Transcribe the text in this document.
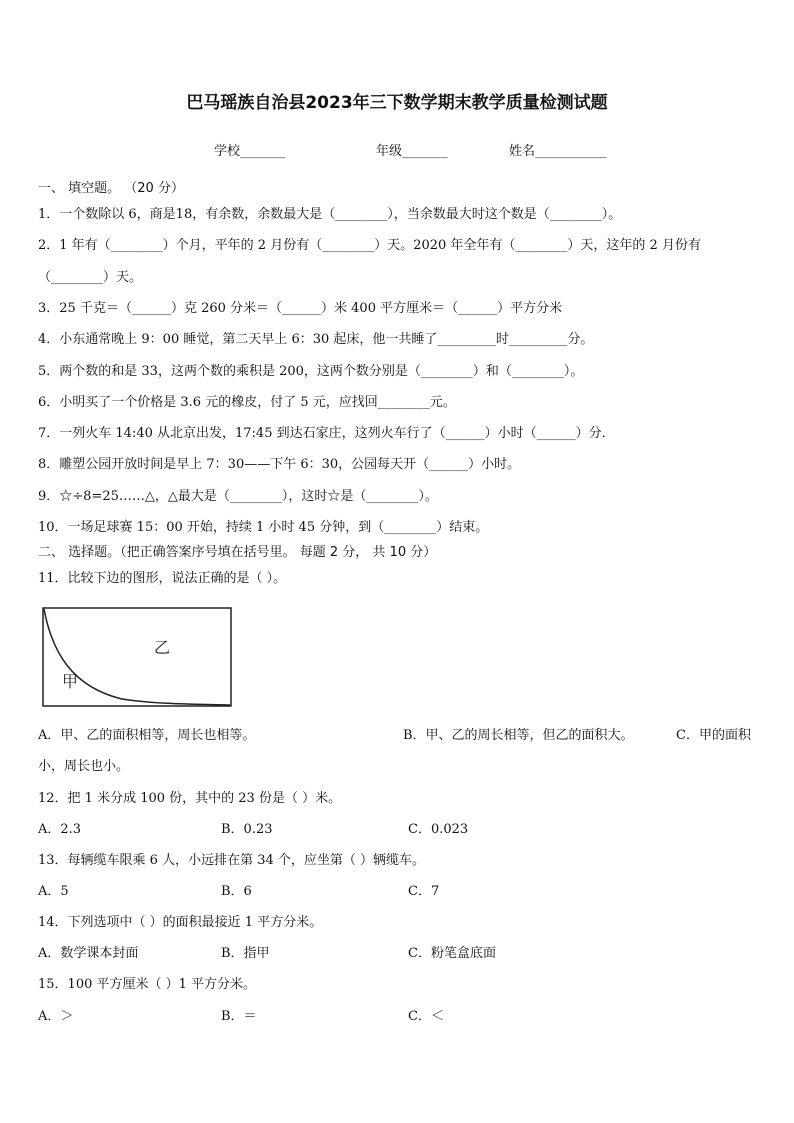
巴马瑶族自治县2023年三下数学期末教学质量检测试题
学校_______	年级_______	姓名___________
一、 填空题。 （20 分）
1．一个数除以 6，商是18，有余数，余数最大是（________），当余数最大时这个数是（________）。
2．1 年有（________）个月，平年的 2 月份有（________）天。2020 年全年有（________）天，这年的 2 月份有
（________）天。
3．25 千克＝（______）克 260 分米＝（______）米 400 平方厘米＝（______）平方分米
4．小东通常晚上 9：00 睡觉，第二天早上 6：30 起床，他一共睡了_________时_________分。
5．两个数的和是 33，这两个数的乘积是 200，这两个数分别是（________）和（________）。
6．小明买了一个价格是 3.6 元的橡皮，付了 5 元，应找回________元。
7．一列火车 14:40 从北京出发，17:45 到达石家庄，这列火车行了（______）小时（______）分．
8．雕塑公园开放时间是早上 7：30——下午 6：30，公园每天开（______）小时。
9．☆÷8=25……△，△最大是（________），这时☆是（________）。
10．一场足球赛 15：00 开始，持续 1 小时 45 分钟，到（________）结束。
二、 选择题。（把正确答案序号填在括号里。 每题 2 分， 共 10 分）
11．比较下边的图形，说法正确的是（ ）。
甲
乙
A．甲、乙的面积相等，周长也相等。	B．甲、乙的周长相等，但乙的面积大。	C．甲的面积
小，周长也小。
12．把 1 米分成 100 份，其中的 23 份是（ ）米。
A．2.3	B．0.23	C．0.023
13．每辆缆车限乘 6 人，小远排在第 34 个，应坐第（ ）辆缆车。
A．5	B．6	C．7
14．下列选项中（ ）的面积最接近 1 平方分米。
A．数学课本封面	B．指甲	C．粉笔盒底面
15．100 平方厘米（ ）1 平方分米。
A．＞	B．＝	C．＜
